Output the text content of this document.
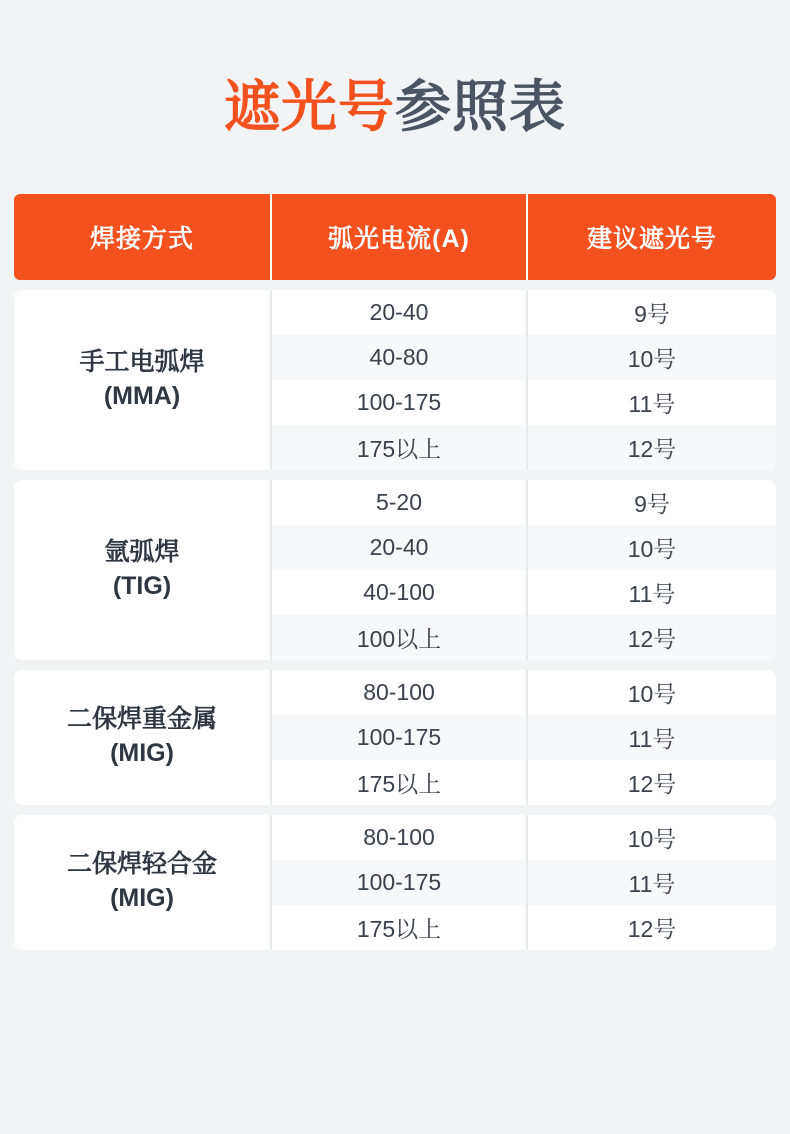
遮光号参照表
焊接方式	弧光电流(A)	建议遮光号
手工电弧焊
(MMA)
20-40	9号
40-80	10号
100-175	11号
175以上	12号
氩弧焊
(TIG)
5-20	9号
20-40	10号
40-100	11号
100以上	12号
二保焊重金属
(MIG)
80-100	10号
100-175	11号
175以上	12号
二保焊轻合金
(MIG)
80-100	10号
100-175	11号
175以上	12号
